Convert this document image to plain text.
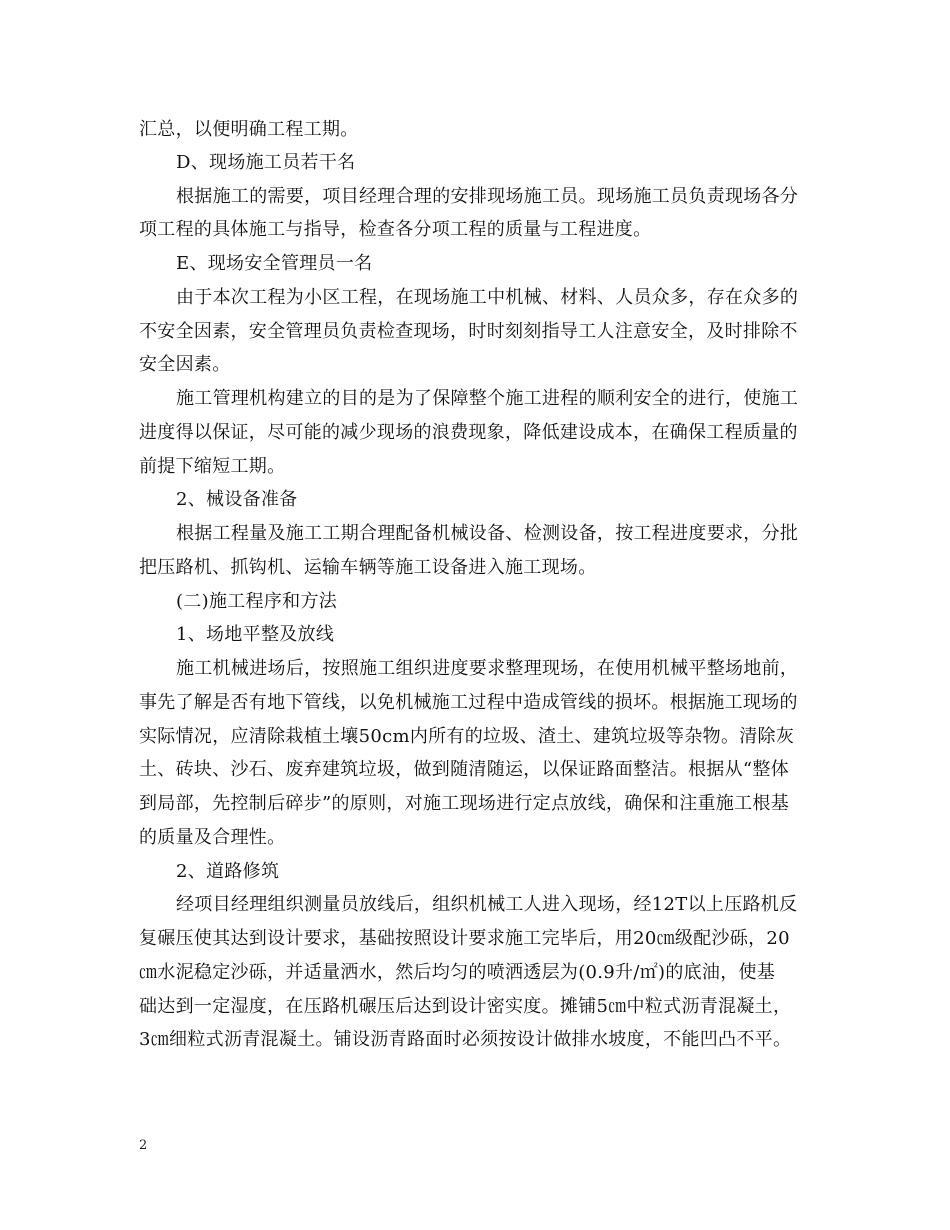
汇总，以便明确工程工期。
D、现场施工员若干名
根据施工的需要，项目经理合理的安排现场施工员。现场施工员负责现场各分
项工程的具体施工与指导，检查各分项工程的质量与工程进度。
E、现场安全管理员一名
由于本次工程为小区工程，在现场施工中机械、材料、人员众多，存在众多的
不安全因素，安全管理员负责检查现场，时时刻刻指导工人注意安全，及时排除不
安全因素。
施工管理机构建立的目的是为了保障整个施工进程的顺利安全的进行，使施工
进度得以保证，尽可能的减少现场的浪费现象，降低建设成本，在确保工程质量的
前提下缩短工期。
2、械设备准备
根据工程量及施工工期合理配备机械设备、检测设备，按工程进度要求，分批
把压路机、抓钩机、运输车辆等施工设备进入施工现场。
(二)施工程序和方法
1、场地平整及放线
施工机械进场后，按照施工组织进度要求整理现场，在使用机械平整场地前，
事先了解是否有地下管线，以免机械施工过程中造成管线的损坏。根据施工现场的
实际情况，应清除栽植土壤50cm内所有的垃圾、渣土、建筑垃圾等杂物。清除灰
土、砖块、沙石、废弃建筑垃圾，做到随清随运，以保证路面整洁。根据从“整体
到局部，先控制后碎步”的原则，对施工现场进行定点放线，确保和注重施工根基
的质量及合理性。
2、道路修筑
经项目经理组织测量员放线后，组织机械工人进入现场，经12T以上压路机反
复碾压使其达到设计要求，基础按照设计要求施工完毕后，用20㎝级配沙砾，20
㎝水泥稳定沙砾，并适量洒水，然后均匀的喷洒透层为(0.9升/㎡)的底油，使基
础达到一定湿度，在压路机碾压后达到设计密实度。摊铺5㎝中粒式沥青混凝土，
3㎝细粒式沥青混凝土。铺设沥青路面时必须按设计做排水坡度，不能凹凸不平。
2
